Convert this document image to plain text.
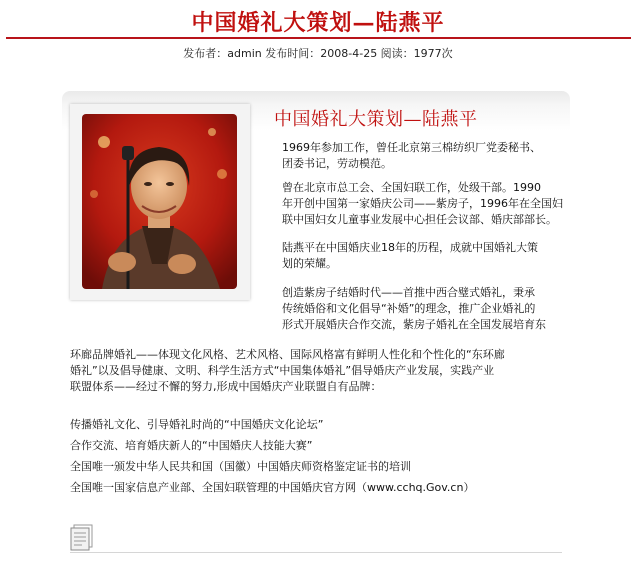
中国婚礼大策划—陆燕平
发布者：admin 发布时间：2008-4-25 阅读：1977次
中国婚礼大策划—陆燕平
1969年参加工作，曾任北京第三棉纺织厂党委秘书、
团委书记，劳动模范。
曾在北京市总工会、全国妇联工作，处级干部。1990
年开创中国第一家婚庆公司——紫房子，1996年在全国妇
联中国妇女儿童事业发展中心担任会议部、婚庆部部长。
陆燕平在中国婚庆业18年的历程，成就中国婚礼大策
划的荣耀。
创造紫房子结婚时代——首推中西合璧式婚礼，秉承
传统婚俗和文化倡导“补婚”的理念，推广企业婚礼的
形式开展婚庆合作交流，紫房子婚礼在全国发展培育东
环廊品牌婚礼——体现文化风格、艺术风格、国际风格富有鲜明人性化和个性化的“东环廊
婚礼”以及倡导健康、文明、科学生活方式“中国集体婚礼”倡导婚庆产业发展，实践产业
联盟体系——经过不懈的努力,形成中国婚庆产业联盟自有品牌：
传播婚礼文化、引导婚礼时尚的“中国婚庆文化论坛”
合作交流、培育婚庆新人的“中国婚庆人技能大赛”
全国唯一颁发中华人民共和国（国徽）中国婚庆师资格鉴定证书的培训
全国唯一国家信息产业部、全国妇联管理的中国婚庆官方网（www.cchq.Gov.cn）
